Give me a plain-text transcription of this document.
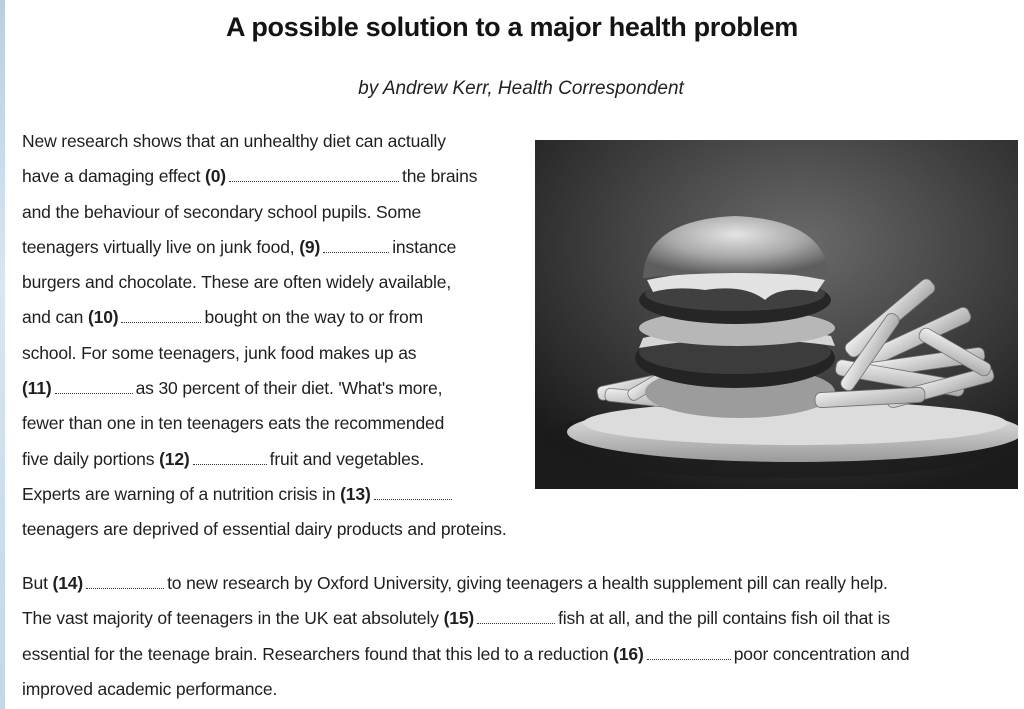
A possible solution to a major health problem
by Andrew Kerr, Health Correspondent
New research shows that an unhealthy diet can actually
have a damaging effect (0)	the brains
and the behaviour of secondary school pupils. Some
teenagers virtually live on junk food, (9)	instance
burgers and chocolate. These are often widely available,
and can (10)	bought on the way to or from
school. For some teenagers, junk food makes up as
(11)	as 30 percent of their diet. 'What's more,
fewer than one in ten teenagers eats the recommended
five daily portions (12)	fruit and vegetables.
Experts are warning of a nutrition crisis in (13)
teenagers are deprived of essential dairy products and proteins.
But (14)	to new research by Oxford University, giving teenagers a health supplement pill can really help.
The vast majority of teenagers in the UK eat absolutely (15)	fish at all, and the pill contains fish oil that is
essential for the teenage brain. Researchers found that this led to a reduction (16)	poor concentration and
improved academic performance.
